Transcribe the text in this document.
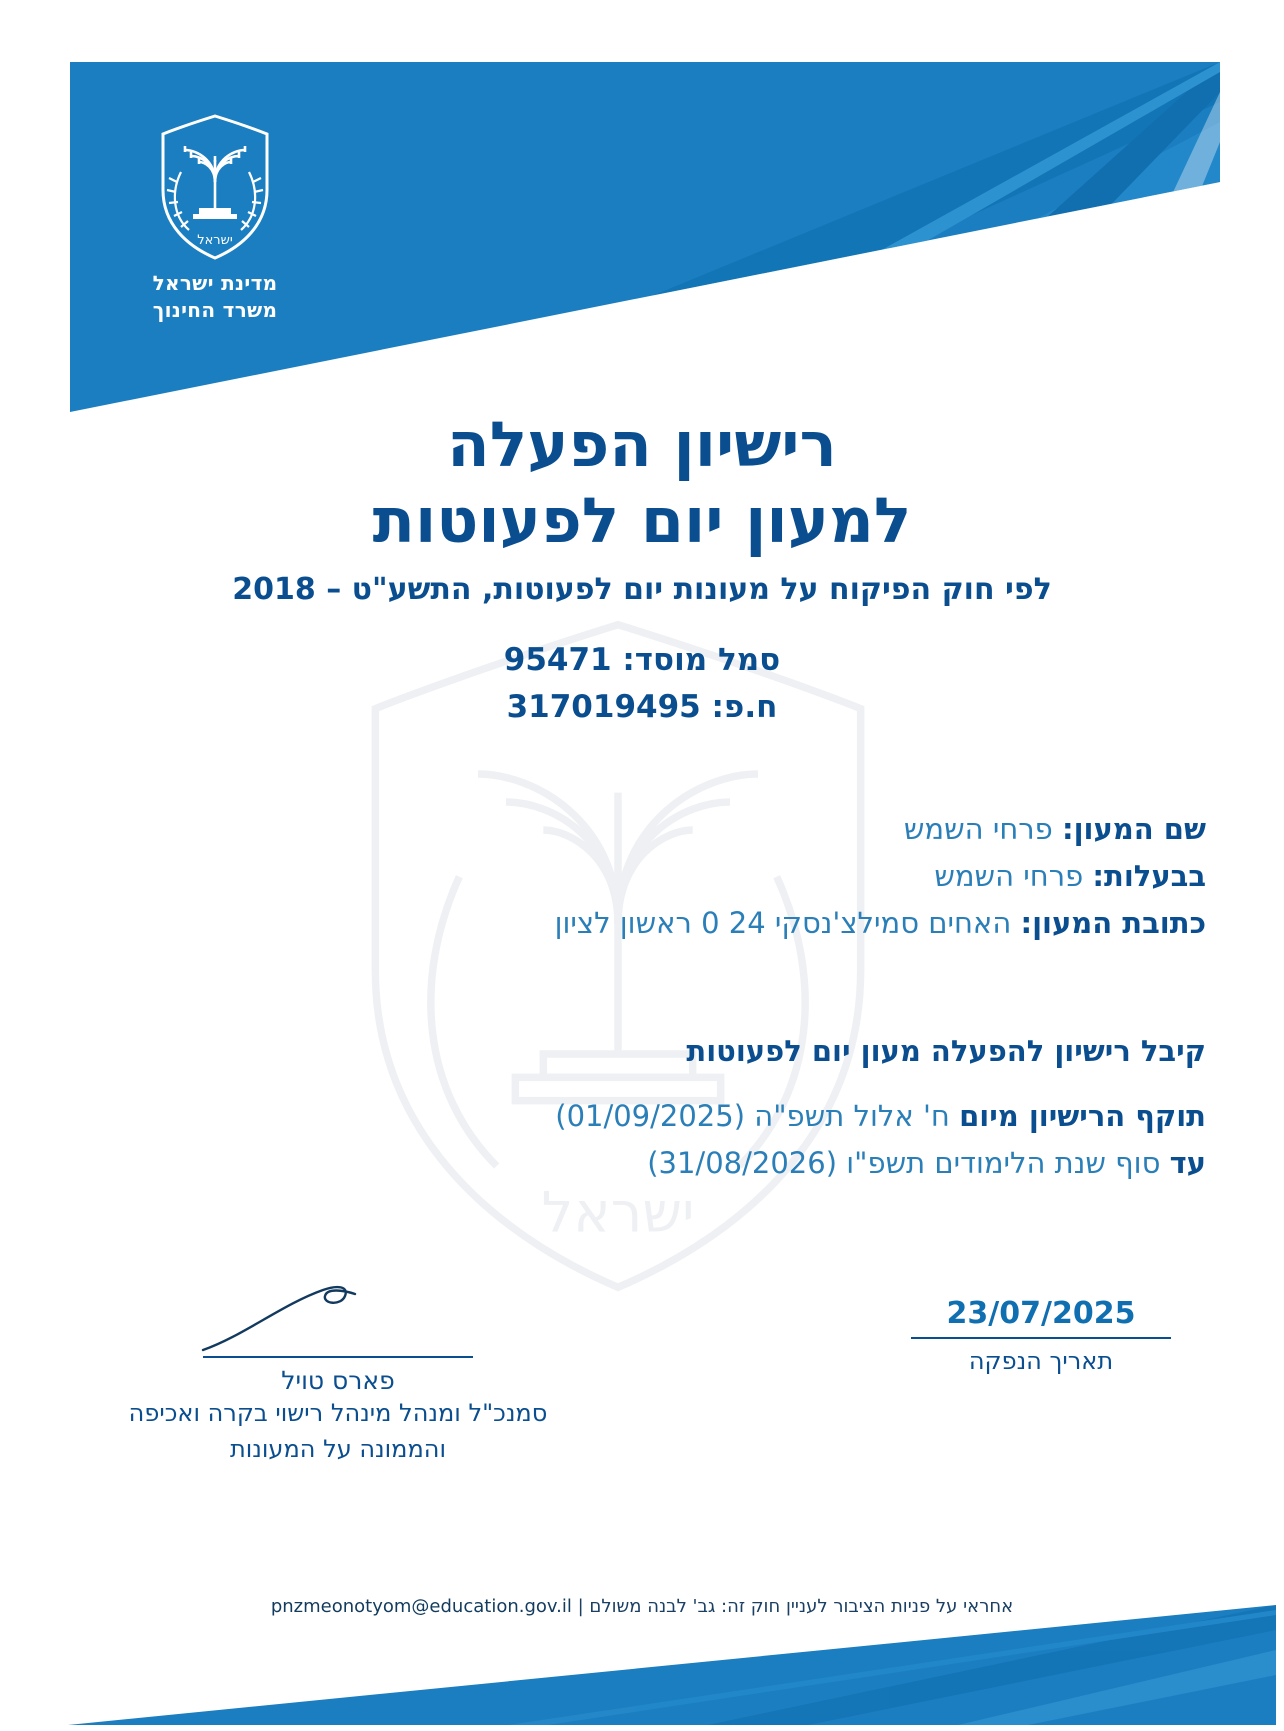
ישראל
מדינת ישראל
משרד החינוך
ישראל
רישיון הפעלה
למעון יום לפעוטות
לפי חוק הפיקוח על מעונות יום לפעוטות, התשע"ט – 2018
סמל מוסד: 95471
ח.פ: 317019495
שם המעון: פרחי השמש
בבעלות: פרחי השמש
כתובת המעון: האחים סמילצ'נסקי 24 0 ראשון לציון
קיבל רישיון להפעלה מעון יום לפעוטות
תוקף הרישיון מיום ח' אלול תשפ"ה (01/09/2025)
עד סוף שנת הלימודים תשפ"ו (31/08/2026)
23/07/2025
תאריך הנפקה
פארס טויל
סמנכ"ל ומנהל מינהל רישוי בקרה ואכיפה
והממונה על המעונות
אחראי על פניות הציבור לעניין חוק זה: גב' לבנה משולם | pnzmeonotyom@education.gov.il
